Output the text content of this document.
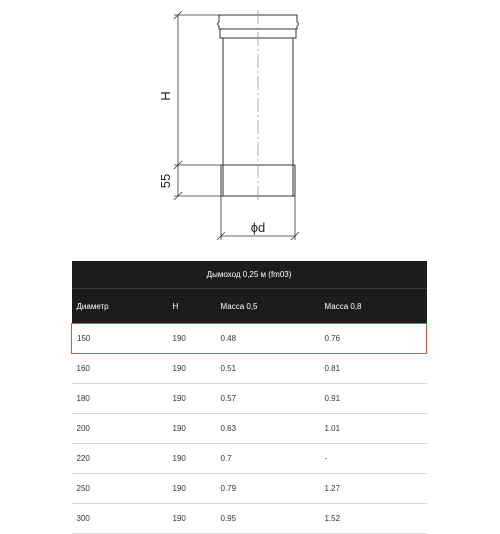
H
55
ϕd
Дымоход 0,25 м (fm03)			
Диаметр	H	Масса 0,5	Масса 0,8
150	190	0.48	0.76
160	190	0.51	0.81
180	190	0.57	0.91
200	190	0.63	1.01
220	190	0.7	-
250	190	0.79	1.27
300	190	0.95	1.52
